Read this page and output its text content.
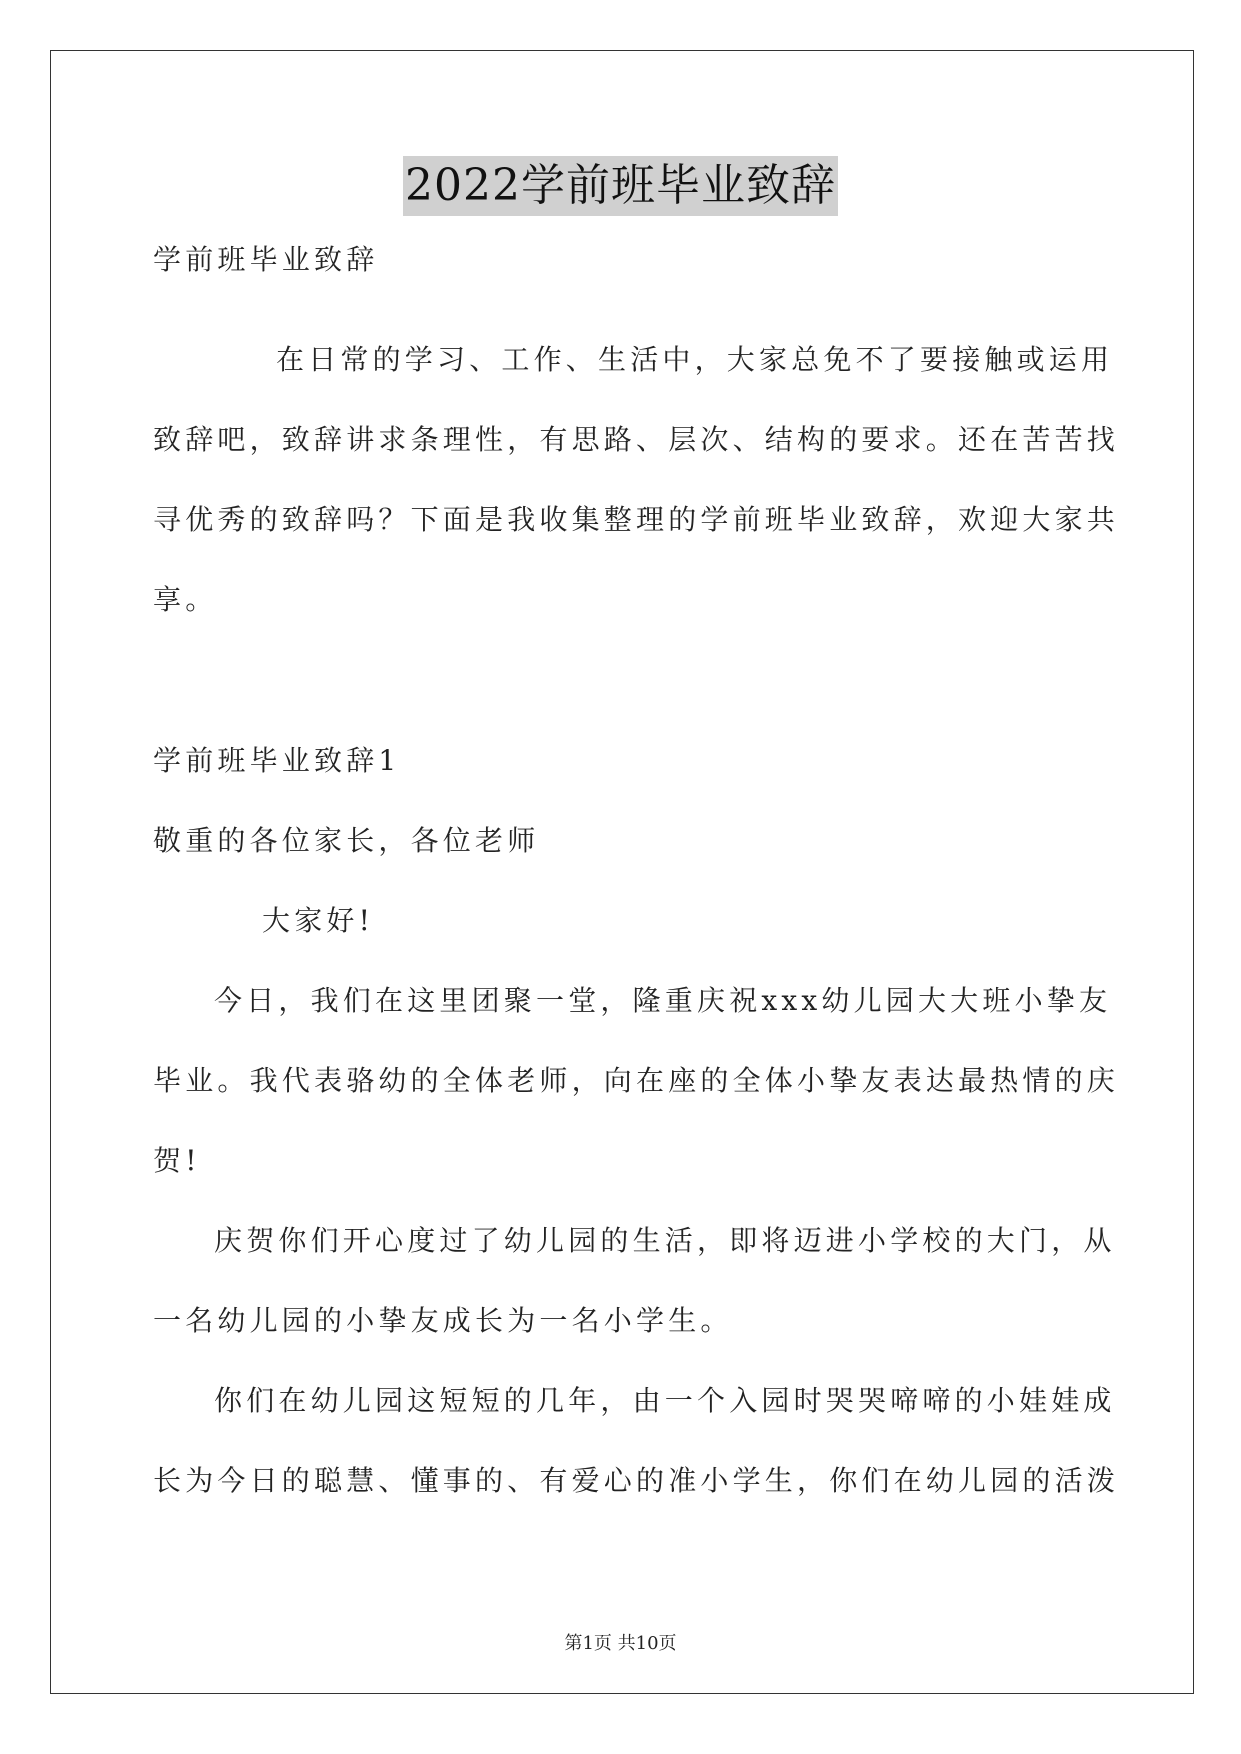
2022学前班毕业致辞
学前班毕业致辞
在日常的学习、工作、生活中，大家总免不了要接触或运用
致辞吧，致辞讲求条理性，有思路、层次、结构的要求。还在苦苦找
寻优秀的致辞吗？下面是我收集整理的学前班毕业致辞，欢迎大家共
享。
学前班毕业致辞1
敬重的各位家长，各位老师
大家好!
今日，我们在这里团聚一堂，隆重庆祝xxx幼儿园大大班小挚友
毕业。我代表骆幼的全体老师，向在座的全体小挚友表达最热情的庆
贺!
庆贺你们开心度过了幼儿园的生活，即将迈进小学校的大门，从
一名幼儿园的小挚友成长为一名小学生。
你们在幼儿园这短短的几年，由一个入园时哭哭啼啼的小娃娃成
长为今日的聪慧、懂事的、有爱心的准小学生，你们在幼儿园的活泼
第1页 共10页
